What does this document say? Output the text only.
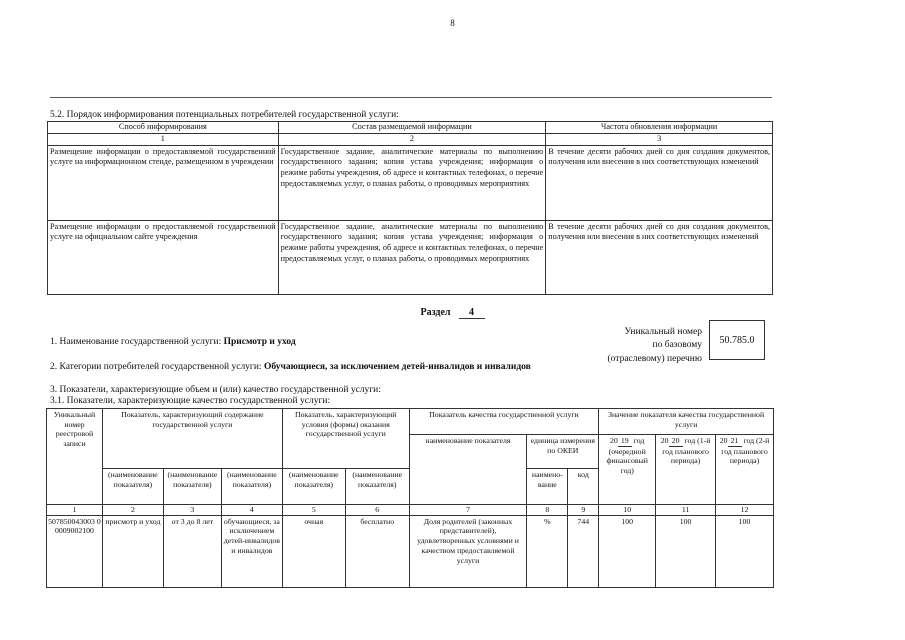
8
5.2. Порядок информирования потенциальных потребителей государственной услуги:
Способ информирования	Состав размещаемой информации	Частота обновления информации
1	2	3
Размещение информации о предоставляемой государственной услуге на информационном стенде, размещенном в учреждении	Государственное задание, аналитические материалы по выполнению государственного задания; копия устава учреждения; информация о режиме работы учреждения, об адресе и контактных телефонах, о перечне предоставляемых услуг, о планах работы, о проводимых мероприятиях	В течение десяти рабочих дней со дня создания документов, получения или внесения в них соответствующих изменений
Размещение информации о предоставляемой государственной услуге на официальном сайте учреждения	Государственное задание, аналитические материалы по выполнению государственного задания; копия устава учреждения; информация о режиме работы учреждения, об адресе и контактных телефонах, о перечне предоставляемых услуг, о планах работы, о проводимых мероприятиях	В течение десяти рабочих дней со дня создания документов, получения или внесения в них соответствующих изменений
Раздел 4
1. Наименование государственной услуги: Присмотр и уход
Уникальный номер
по базовому
(отраслевому) перечню
50.785.0
2. Категории потребителей государственной услуги: Обучающиеся, за исключением детей-инвалидов и инвалидов
3. Показатели, характеризующие объем и (или) качество государственной услуги:
3.1. Показатели, характеризующие качество государственной услуги:
Уникальный номер реестровой записи	Показатель, характеризующий содержание государственной услуги			Показатель, характеризующий условия (формы) оказания государственной услуги		Показатель качества государственной услуги			Значение показателя качества государственной услуги		
						наименование показателя	единица измерения по ОКЕИ		20 19 год (очередной финансовый год)	20 20 год (1-й год планового периода)	20 21 год (2-й год планового периода)
	(наименование показателя)	(наименование показателя)	(наименование показателя)	(наименование показателя)	(наименование показателя)		наимено-вание	код			
1	2	3	4	5	6	7	8	9	10	11	12
507850043003 00009002100	присмотр и уход	от 3 до 8 лет	обучающиеся, за исключением детей-инвалидов и инвалидов	очная	бесплатно	Доля родителей (законных представителей), удовлетворенных условиями и качеством предоставляемой услуги	%	744	100	100	100
